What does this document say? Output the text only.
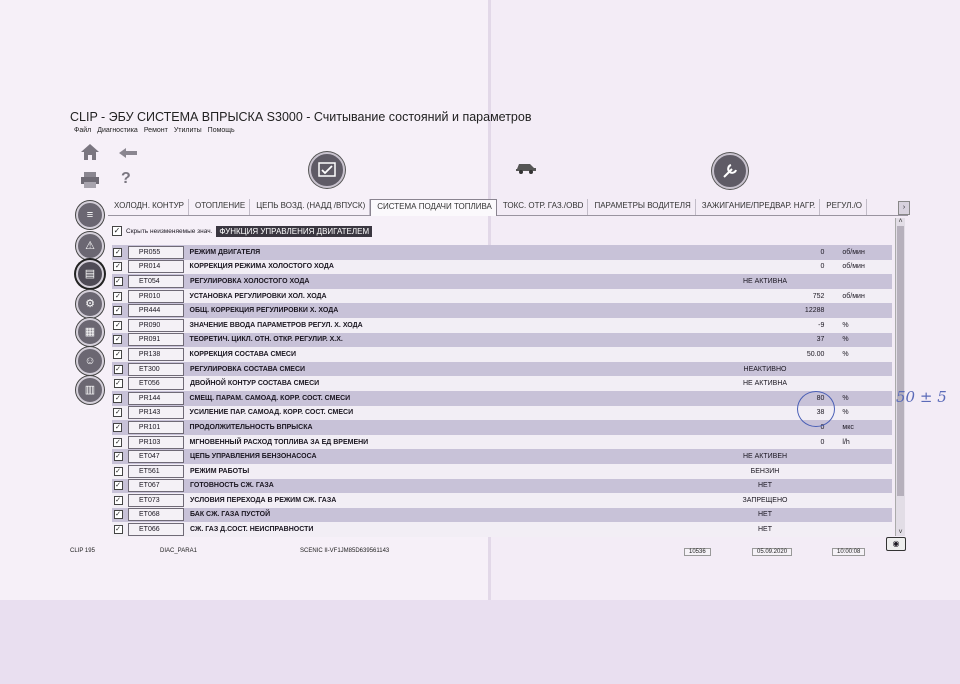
CLIP - ЭБУ СИСТЕМА ВПРЫСКА S3000 - Считывание состояний и параметров
Файл Диагностика Ремонт Утилиты Помощь
?
≡
⚠
▤
⚙
▦
☺
▥
ХОЛОДН. КОНТУР	ОТОПЛЕНИЕ	ЦЕПЬ ВОЗД. (НАДД /ВПУСК)	СИСТЕМА ПОДАЧИ ТОПЛИВА	ТОКС. ОТР. ГАЗ./OBD	ПАРАМЕТРЫ ВОДИТЕЛЯ	ЗАЖИГАНИЕ/ПРЕДВАР. НАГР.	РЕГУЛ./О	›
✓ Скрыть неизменяемые знач. ФУНКЦИЯ УПРАВЛЕНИЯ ДВИГАТЕЛЕМ
✓	PR055	РЕЖИМ ДВИГАТЕЛЯ	0	об/мин
✓	PR014	КОРРЕКЦИЯ РЕЖИМА ХОЛОСТОГО ХОДА	0	об/мин
✓	ET054	РЕГУЛИРОВКА ХОЛОСТОГО ХОДА	НЕ АКТИВНА
✓	PR010	УСТАНОВКА РЕГУЛИРОВКИ ХОЛ. ХОДА	752	об/мин
✓	PR444	ОБЩ. КОРРЕКЦИЯ РЕГУЛИРОВКИ Х. ХОДА	12288
✓	PR090	ЗНАЧЕНИЕ ВВОДА ПАРАМЕТРОВ РЕГУЛ. Х. ХОДА	-9	%
✓	PR091	ТЕОРЕТИЧ. ЦИКЛ. ОТН. ОТКР. РЕГУЛИР. Х.Х.	37	%
✓	PR138	КОРРЕКЦИЯ СОСТАВА СМЕСИ	50.00	%
✓	ET300	РЕГУЛИРОВКА СОСТАВА СМЕСИ	НЕАКТИВНО
✓	ET056	ДВОЙНОЙ КОНТУР СОСТАВА СМЕСИ	НЕ АКТИВНА
✓	PR144	СМЕЩ. ПАРАМ. САМОАД. КОРР. СОСТ. СМЕСИ	80	%
✓	PR143	УСИЛЕНИЕ ПАР. САМОАД. КОРР. СОСТ. СМЕСИ	38	%
✓	PR101	ПРОДОЛЖИТЕЛЬНОСТЬ ВПРЫСКА	0	мкс
✓	PR103	МГНОВЕННЫЙ РАСХОД ТОПЛИВА ЗА ЕД ВРЕМЕНИ	0	l/h
✓	ET047	ЦЕПЬ УПРАВЛЕНИЯ БЕНЗОНАСОСА	НЕ АКТИВЕН
✓	ET561	РЕЖИМ РАБОТЫ	БЕНЗИН
✓	ET067	ГОТОВНОСТЬ СЖ. ГАЗА	НЕТ
✓	ET073	УСЛОВИЯ ПЕРЕХОДА В РЕЖИМ СЖ. ГАЗА	ЗАПРЕЩЕНО
✓	ET068	БАК СЖ. ГАЗА ПУСТОЙ	НЕТ
✓	ET066	СЖ. ГАЗ Д.СОСТ. НЕИСПРАВНОСТИ	НЕТ
˄
˅
50 ± 5
◉
CLIP 195	DIAC_PARA1	SCENIC II-VF1JM85D639561143	10536	05.09.2020	10:00:08
